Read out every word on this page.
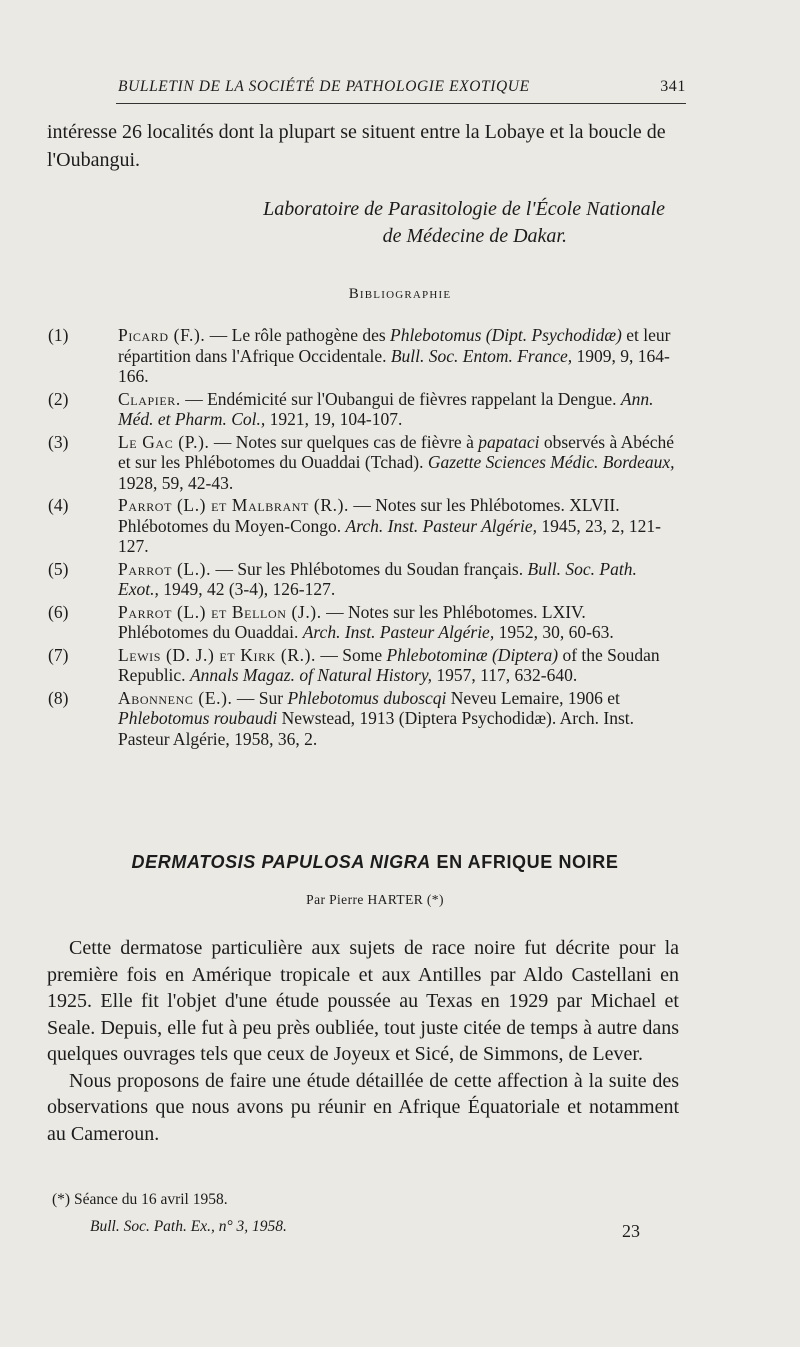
BULLETIN DE LA SOCIÉTÉ DE PATHOLOGIE EXOTIQUE	341
intéresse 26 localités dont la plupart se situent entre la Lobaye et la boucle de l'Oubangui.
Laboratoire de Parasitologie de l'École Nationale
de Médecine de Dakar.
Bibliographie
(1)	Picard (F.). — Le rôle pathogène des Phlebotomus (Dipt. Psychodidæ) et leur répartition dans l'Afrique Occidentale. Bull. Soc. Entom. France, 1909, 9, 164-166.
(2)	Clapier. — Endémicité sur l'Oubangui de fièvres rappelant la Dengue. Ann. Méd. et Pharm. Col., 1921, 19, 104-107.
(3)	Le Gac (P.). — Notes sur quelques cas de fièvre à papataci observés à Abéché et sur les Phlébotomes du Ouaddai (Tchad). Gazette Sciences Médic. Bordeaux, 1928, 59, 42-43.
(4)	Parrot (L.) et Malbrant (R.). — Notes sur les Phlébotomes. XLVII. Phlébotomes du Moyen-Congo. Arch. Inst. Pasteur Algérie, 1945, 23, 2, 121-127.
(5)	Parrot (L.). — Sur les Phlébotomes du Soudan français. Bull. Soc. Path. Exot., 1949, 42 (3-4), 126-127.
(6)	Parrot (L.) et Bellon (J.). — Notes sur les Phlébotomes. LXIV. Phlébotomes du Ouaddai. Arch. Inst. Pasteur Algérie, 1952, 30, 60-63.
(7)	Lewis (D. J.) et Kirk (R.). — Some Phlebotominæ (Diptera) of the Soudan Republic. Annals Magaz. of Natural History, 1957, 117, 632-640.
(8)	Abonnenc (E.). — Sur Phlebotomus duboscqi Neveu Lemaire, 1906 et Phlebotomus roubaudi Newstead, 1913 (Diptera Psychodidæ). Arch. Inst. Pasteur Algérie, 1958, 36, 2.
DERMATOSIS PAPULOSA NIGRA EN AFRIQUE NOIRE
Par Pierre HARTER (*)

Cette dermatose particulière aux sujets de race noire fut décrite pour la première fois en Amérique tropicale et aux Antilles par Aldo Castellani en 1925. Elle fit l'objet d'une étude poussée au Texas en 1929 par Michael et Seale. Depuis, elle fut à peu près oubliée, tout juste citée de temps à autre dans quelques ouvrages tels que ceux de Joyeux et Sicé, de Simmons, de Lever.

Nous proposons de faire une étude détaillée de cette affection à la suite des observations que nous avons pu réunir en Afrique Équatoriale et notamment au Cameroun.

(*) Séance du 16 avril 1958.
Bull. Soc. Path. Ex., n° 3, 1958.	23
